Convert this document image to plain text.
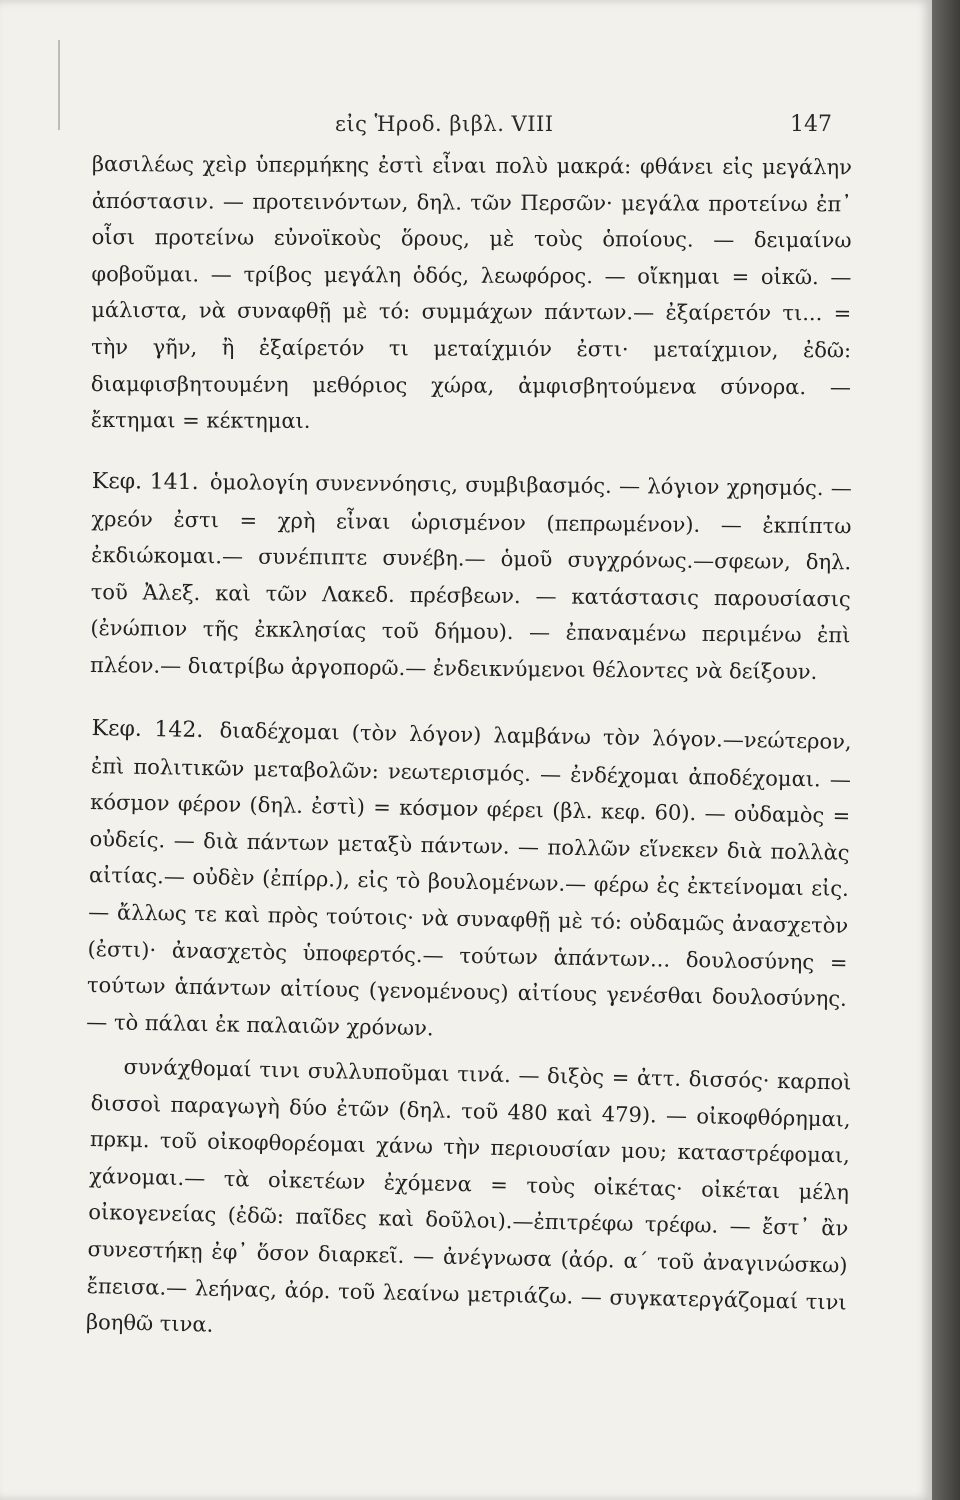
εἰς Ἡροδ. βιβλ. VIII	147

βασιλέως χεὶρ ὑπερμήκης ἐστὶ εἶναι πολὺ μακρά: φθάνει εἰς μεγάλην ἀπόστασιν. — προτεινόντων, δηλ. τῶν Περσῶν· μεγάλα προτείνω ἐπ᾽ οἷσι προτείνω εὐνοϊκοὺς ὅρους, μὲ τοὺς ὁποίους. — δειμαίνω φοβοῦμαι. — τρίβος μεγάλη ὁδός, λεωφόρος. — οἴκημαι = οἰκῶ. — μάλιστα, νὰ συναφθῇ μὲ τό: συμμάχων πάντων.— ἐξαίρετόν τι... = τὴν γῆν, ἢ ἐξαίρετόν τι μεταίχμιόν ἐστι· μεταίχμιον, ἐδῶ: διαμφισβητουμένη μεθόριος χώρα, ἀμφισβητούμενα σύνορα. — ἔκτημαι = κέκτημαι.

Κεφ. 141. ὁμολογίη συνεννόησις, συμβιβασμός. — λόγιον χρησμός. — χρεόν ἐστι = χρὴ εἶναι ὡρισμένον (πεπρωμένον). — ἐκπίπτω ἐκδιώκομαι.— συνέπιπτε συνέβη.— ὁμοῦ συγχρόνως.—σφεων, δηλ. τοῦ Ἀλεξ. καὶ τῶν Λακεδ. πρέσβεων. — κατάστασις παρουσίασις (ἐνώπιον τῆς ἐκκλησίας τοῦ δήμου). — ἐπαναμένω περιμένω ἐπὶ πλέον.— διατρίβω ἀργοπορῶ.— ἐνδεικνύμενοι θέλοντες νὰ δείξουν.

Κεφ. 142. διαδέχομαι (τὸν λόγον) λαμβάνω τὸν λόγον.—νεώτερον, ἐπὶ πολιτικῶν μεταβολῶν: νεωτερισμός. — ἐνδέχομαι ἀποδέχομαι. — κόσμον φέρον (δηλ. ἐστὶ) = κόσμον φέρει (βλ. κεφ. 60). — οὐδαμὸς = οὐδείς. — διὰ πάντων μεταξὺ πάντων. — πολλῶν εἵνεκεν διὰ πολλὰς αἰτίας.— οὐδὲν (ἐπίρρ.), εἰς τὸ βουλομένων.— φέρω ἐς ἐκτείνομαι εἰς. — ἄλλως τε καὶ πρὸς τούτοις· νὰ συναφθῇ μὲ τό: οὐδαμῶς ἀνασχετὸν (ἐστι)· ἀνασχετὸς ὑποφερτός.— τούτων ἁπάντων... δουλοσύνης = τούτων ἁπάντων αἰτίους (γενομένους) αἰτίους γενέσθαι δουλοσύνης. — τὸ πάλαι ἐκ παλαιῶν χρόνων.

συνάχθομαί τινι συλλυποῦμαι τινά. — διξὸς = ἀττ. δισσός· καρποὶ δισσοὶ παραγωγὴ δύο ἐτῶν (δηλ. τοῦ 480 καὶ 479). — οἰκοφθόρημαι, πρκμ. τοῦ οἰκοφθορέομαι χάνω τὴν περιουσίαν μου; καταστρέφομαι, χάνομαι.— τὰ οἰκετέων ἐχόμενα = τοὺς οἰκέτας· οἰκέται μέλη οἰκογενείας (ἐδῶ: παῖδες καὶ δοῦλοι).—ἐπιτρέφω τρέφω. — ἔστ᾽ ἂν συνεστήκῃ ἐφ᾽ ὅσον διαρκεῖ. — ἀνέγνωσα (ἀόρ. α΄ τοῦ ἀναγινώσκω) ἔπεισα.— λεήνας, ἀόρ. τοῦ λεαίνω μετριάζω. — συγκατεργάζομαί τινι βοηθῶ τινα.
